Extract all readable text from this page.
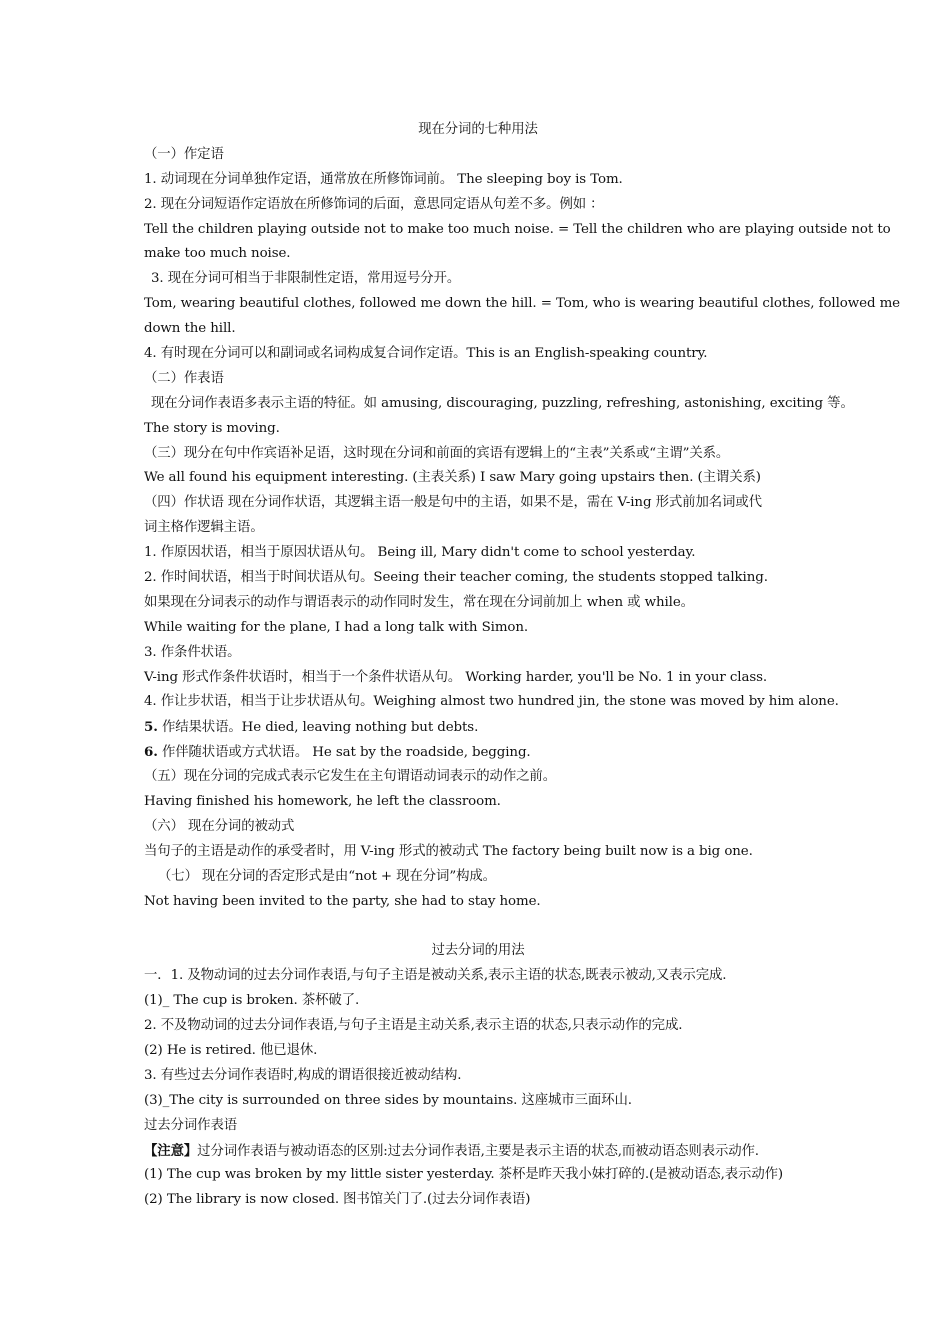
现在分词的七种用法
（一）作定语
1. 动词现在分词单独作定语，通常放在所修饰词前。 The sleeping boy is Tom.
2. 现在分词短语作定语放在所修饰词的后面，意思同定语从句差不多。例如 ：
Tell the children playing outside not to make too much noise. = Tell the children who are playing outside not to
make too much noise.
3. 现在分词可相当于非限制性定语，常用逗号分开。
Tom, wearing beautiful clothes, followed me down the hill. = Tom, who is wearing beautiful clothes, followed me
down the hill.
4. 有时现在分词可以和副词或名词构成复合词作定语。This is an English-speaking country.
（二）作表语
现在分词作表语多表示主语的特征。如 amusing, discouraging, puzzling, refreshing, astonishing, exciting 等。
The story is moving.
（三）现分在句中作宾语补足语，这时现在分词和前面的宾语有逻辑上的“主表”关系或“主谓”关系。
We all found his equipment interesting. (主表关系) I saw Mary going upstairs then. (主谓关系)
（四）作状语 现在分词作状语，其逻辑主语一般是句中的主语，如果不是，需在 V-ing 形式前加名词或代
词主格作逻辑主语。
1. 作原因状语，相当于原因状语从句。 Being ill, Mary didn't come to school yesterday.
2. 作时间状语，相当于时间状语从句。Seeing their teacher coming, the students stopped talking.
如果现在分词表示的动作与谓语表示的动作同时发生，常在现在分词前加上 when 或 while。
While waiting for the plane, I had a long talk with Simon.
3. 作条件状语。
V-ing 形式作条件状语时，相当于一个条件状语从句。 Working harder, you'll be No. 1 in your class.
4. 作让步状语，相当于让步状语从句。Weighing almost two hundred jin, the stone was moved by him alone.
5. 作结果状语。He died, leaving nothing but debts.
6. 作伴随状语或方式状语。 He sat by the roadside, begging.
（五）现在分词的完成式表示它发生在主句谓语动词表示的动作之前。
Having finished his homework, he left the classroom.
（六） 现在分词的被动式
当句子的主语是动作的承受者时，用 V-ing 形式的被动式 The factory being built now is a big one.
（七） 现在分词的否定形式是由“not + 现在分词”构成。
Not having been invited to the party, she had to stay home.
过去分词的用法
一．1. 及物动词的过去分词作表语,与句子主语是被动关系,表示主语的状态,既表示被动,又表示完成.
(1)_ The cup is broken. 茶杯破了.
2. 不及物动词的过去分词作表语,与句子主语是主动关系,表示主语的状态,只表示动作的完成.
(2) He is retired. 他已退休.
3. 有些过去分词作表语时,构成的谓语很接近被动结构.
(3)_The city is surrounded on three sides by mountains. 这座城市三面环山.
过去分词作表语
【注意】过分词作表语与被动语态的区别:过去分词作表语,主要是表示主语的状态,而被动语态则表示动作.
(1) The cup was broken by my little sister yesterday. 茶杯是昨天我小妹打碎的.(是被动语态,表示动作)
(2) The library is now closed. 图书馆关门了.(过去分词作表语)
